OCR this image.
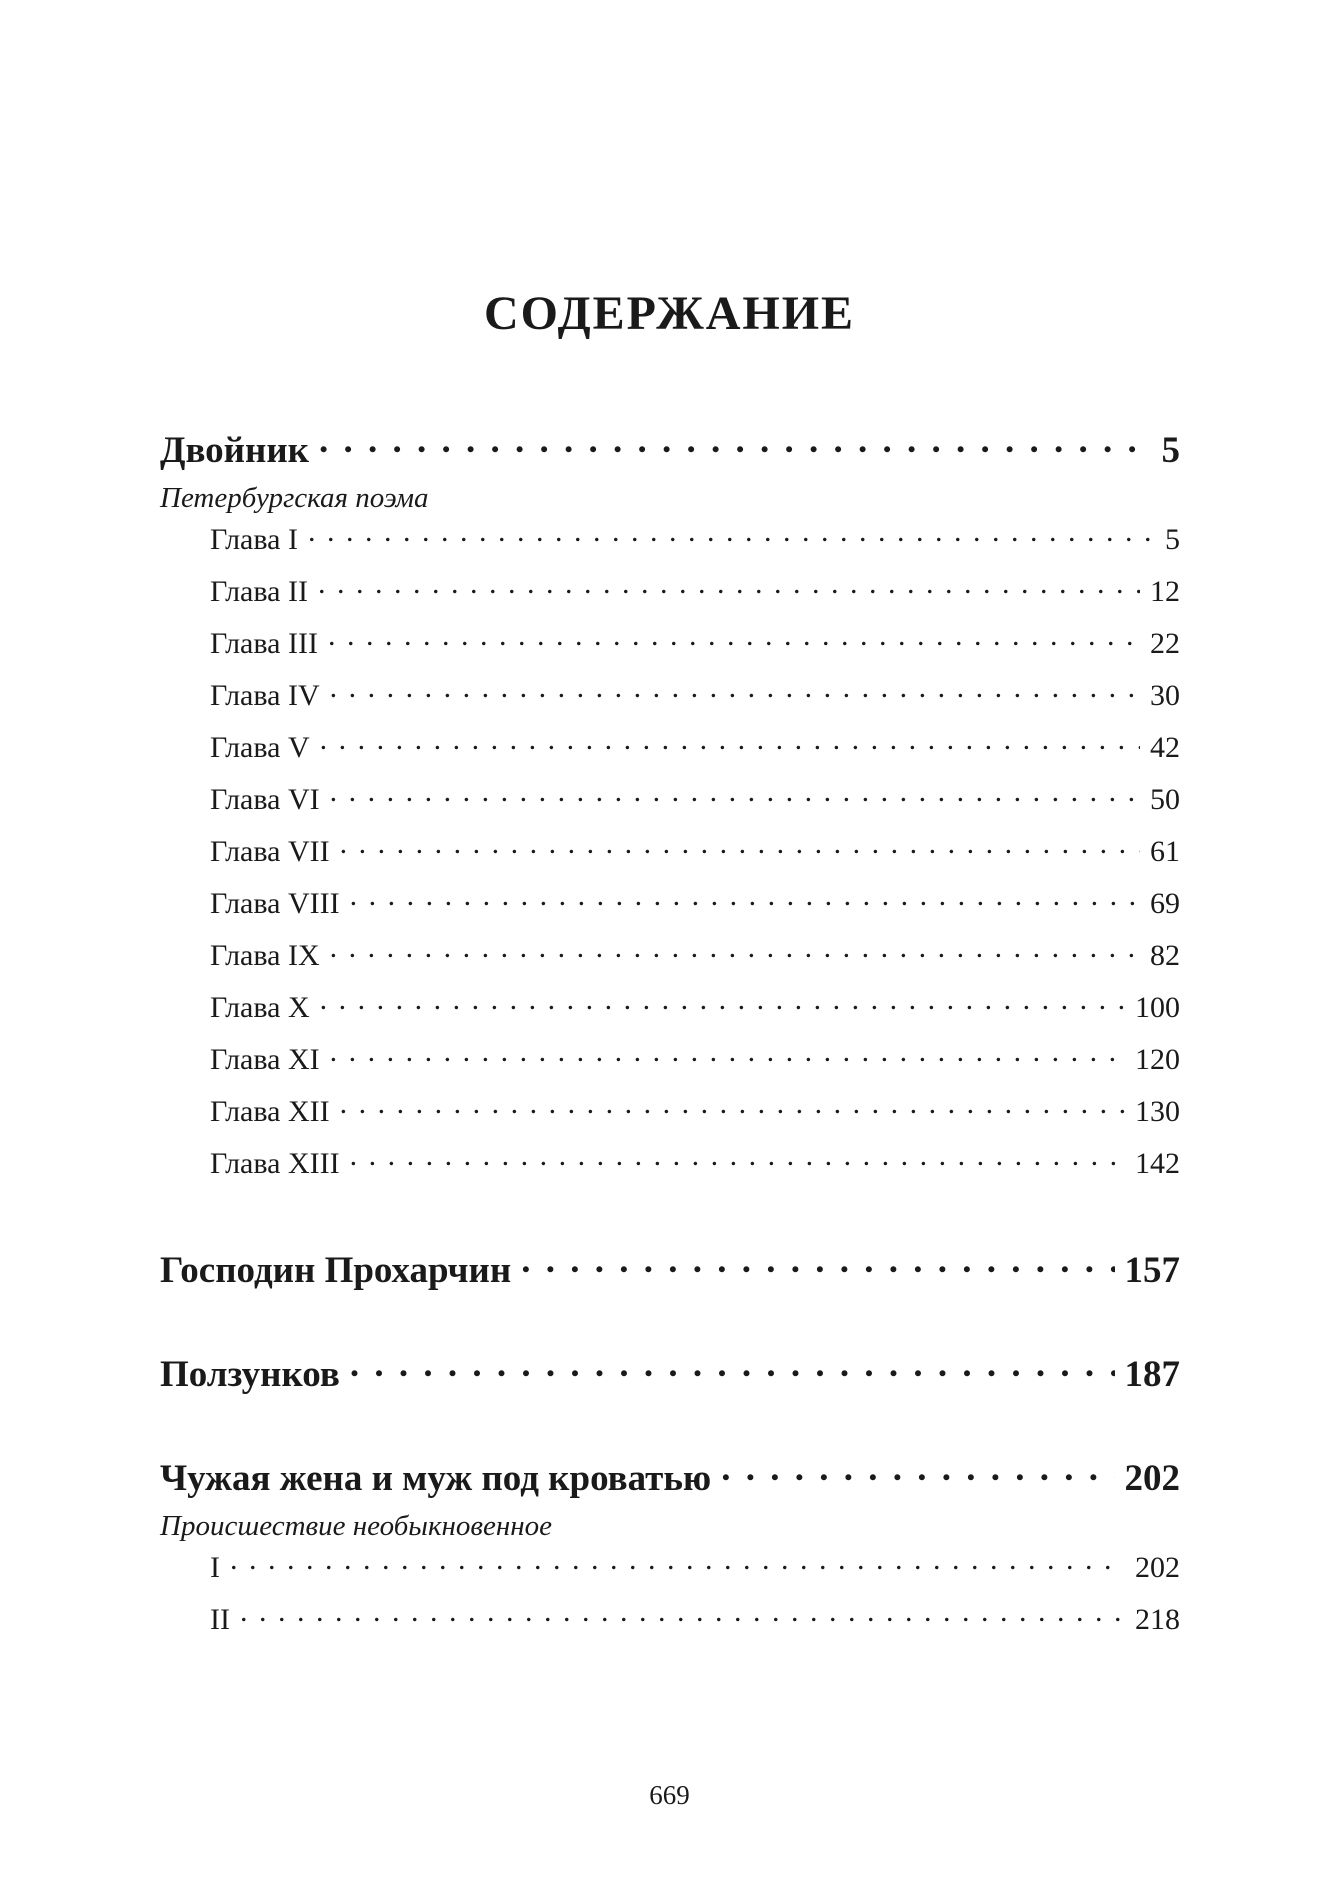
СОДЕРЖАНИЕ
Двойник . . .	5
Петербургская поэма
Глава I . . .	5
Глава II . . .	12
Глава III . . .	22
Глава IV . . .	30
Глава V . . .	42
Глава VI . . .	50
Глава VII . . .	61
Глава VIII . . .	69
Глава IX . . .	82
Глава X . . .	100
Глава XI . . .	120
Глава XII . . .	130
Глава XIII . . .	142
Господин Прохарчин . . .	157
Ползунков . . .	187
Чужая жена и муж под кроватью . . .	202
Происшествие необыкновенное
I . . .	202
II . . .	218
669
